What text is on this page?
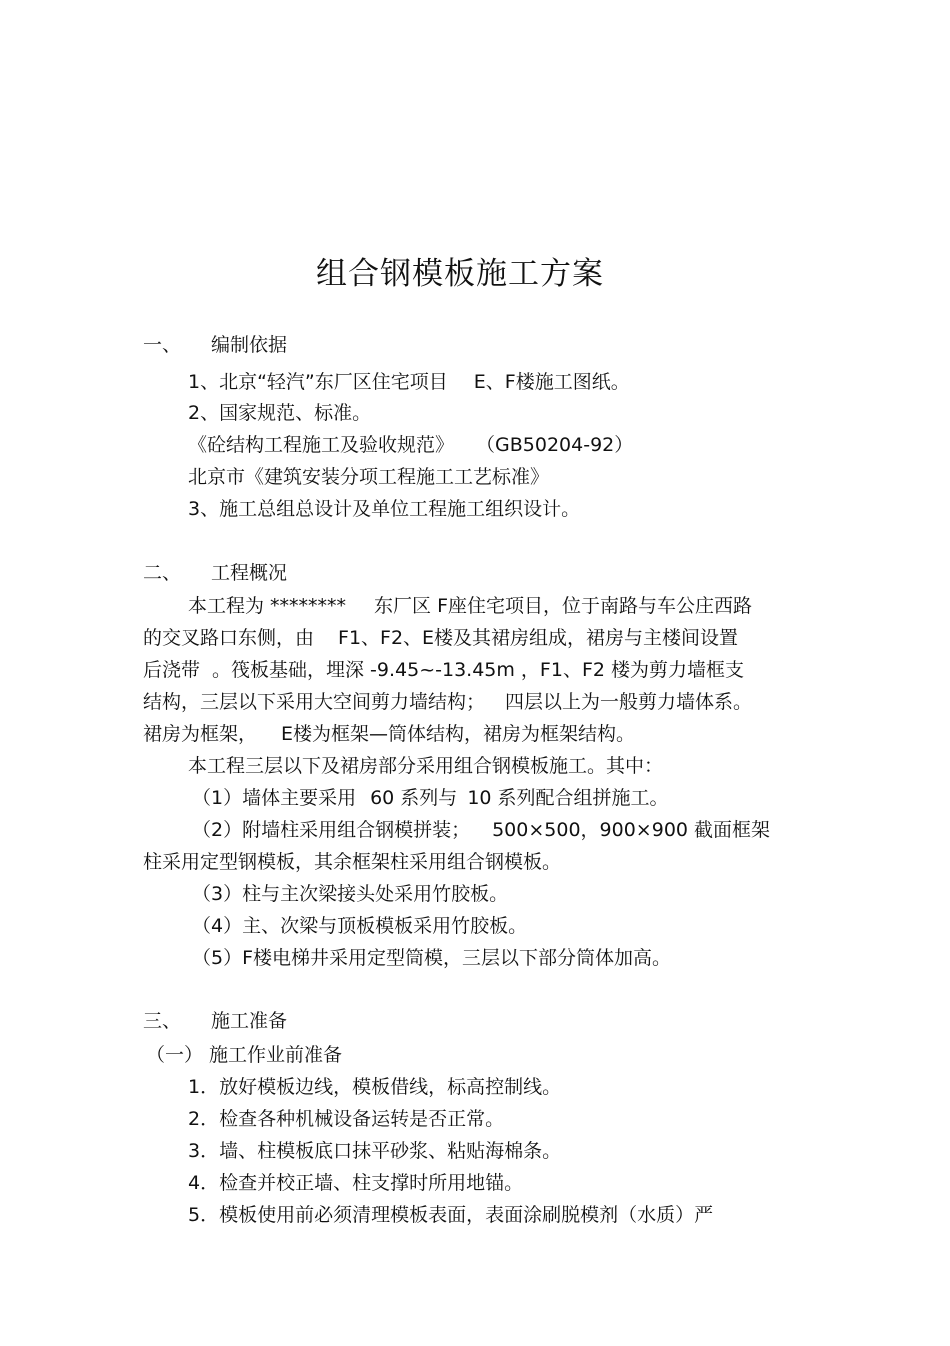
组合钢模板施工方案
一、 编制依据
1、北京“轻汽”东厂区住宅项目 E、F楼施工图纸。
2、国家规范、标准。
《砼结构工程施工及验收规范》 （GB50204-92）
北京市《建筑安装分项工程施工工艺标准》
3、施工总组总设计及单位工程施工组织设计。
二、 工程概况
本工程为 ******** 东厂区 F座住宅项目，位于南路与车公庄西路
的交叉路口东侧，由 F1、F2、E楼及其裙房组成，裙房与主楼间设置
后浇带 。筏板基础，埋深 -9.45~-13.45m ，F1、F2 楼为剪力墙框支
结构，三层以下采用大空间剪力墙结构； 四层以上为一般剪力墙体系。
裙房为框架， E楼为框架—筒体结构，裙房为框架结构。
本工程三层以下及裙房部分采用组合钢模板施工。其中：
（1）墙体主要采用 60 系列与 10 系列配合组拼施工。
（2）附墙柱采用组合钢模拼装； 500×500，900×900 截面框架
柱采用定型钢模板，其余框架柱采用组合钢模板。
（3）柱与主次梁接头处采用竹胶板。
（4）主、次梁与顶板模板采用竹胶板。
（5）F楼电梯井采用定型筒模，三层以下部分筒体加高。
三、 施工准备
（一） 施工作业前准备
1．放好模板边线，模板借线，标高控制线。
2．检查各种机械设备运转是否正常。
3．墙、柱模板底口抹平砂浆、粘贴海棉条。
4．检查并校正墙、柱支撑时所用地锚。
5．模板使用前必须清理模板表面，表面涂刷脱模剂（水质）严
